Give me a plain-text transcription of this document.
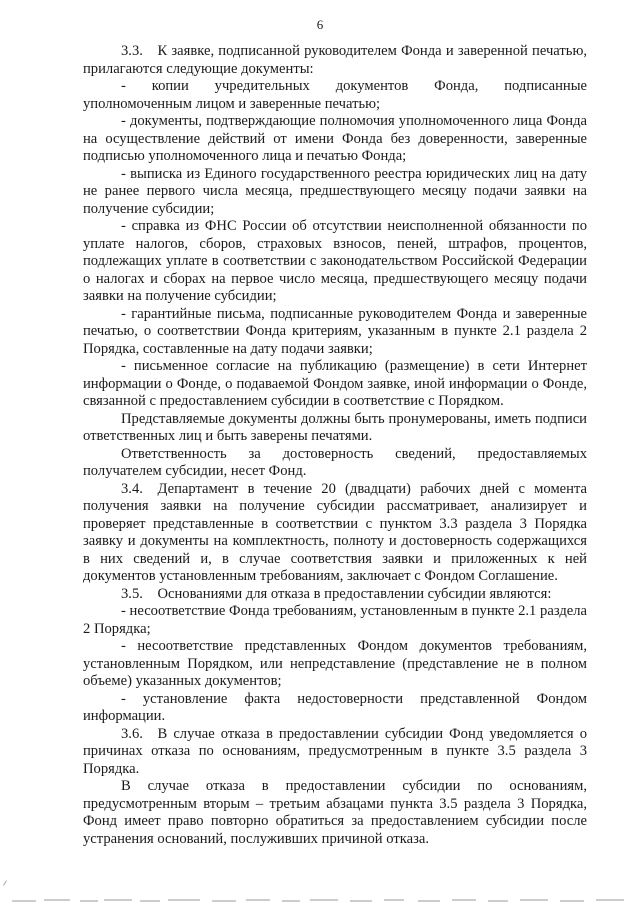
6

3.3. К заявке, подписанной руководителем Фонда и заверенной печатью, прилагаются следующие документы:

- копии учредительных документов Фонда, подписанные уполномоченным лицом и заверенные печатью;

- документы, подтверждающие полномочия уполномоченного лица Фонда на осуществление действий от имени Фонда без доверенности, заверенные подписью уполномоченного лица и печатью Фонда;

- выписка из Единого государственного реестра юридических лиц на дату не ранее первого числа месяца, предшествующего месяцу подачи заявки на получение субсидии;

- справка из ФНС России об отсутствии неисполненной обязанности по уплате налогов, сборов, страховых взносов, пеней, штрафов, процентов, подлежащих уплате в соответствии с законодательством Российской Федерации о налогах и сборах на первое число месяца, предшествующего месяцу подачи заявки на получение субсидии;

- гарантийные письма, подписанные руководителем Фонда и заверенные печатью, о соответствии Фонда критериям, указанным в пункте 2.1 раздела 2 Порядка, составленные на дату подачи заявки;

- письменное согласие на публикацию (размещение) в сети Интернет информации о Фонде, о подаваемой Фондом заявке, иной информации о Фонде, связанной с предоставлением субсидии в соответствие с Порядком.

Представляемые документы должны быть пронумерованы, иметь подписи ответственных лиц и быть заверены печатями.

Ответственность за достоверность сведений, предоставляемых получателем субсидии, несет Фонд.

3.4. Департамент в течение 20 (двадцати) рабочих дней с момента получения заявки на получение субсидии рассматривает, анализирует и проверяет представленные в соответствии с пунктом 3.3 раздела 3 Порядка заявку и документы на комплектность, полноту и достоверность содержащихся в них сведений и, в случае соответствия заявки и приложенных к ней документов установленным требованиям, заключает с Фондом Соглашение.

3.5. Основаниями для отказа в предоставлении субсидии являются:

- несоответствие Фонда требованиям, установленным в пункте 2.1 раздела 2 Порядка;

- несоответствие представленных Фондом документов требованиям, установленным Порядком, или непредставление (представление не в полном объеме) указанных документов;

- установление факта недостоверности представленной Фондом информации.

3.6. В случае отказа в предоставлении субсидии Фонд уведомляется о причинах отказа по основаниям, предусмотренным в пункте 3.5 раздела 3 Порядка.

В случае отказа в предоставлении субсидии по основаниям, предусмотренным вторым – третьим абзацами пункта 3.5 раздела 3 Порядка, Фонд имеет право повторно обратиться за предоставлением субсидии после устранения оснований, послуживших причиной отказа.
